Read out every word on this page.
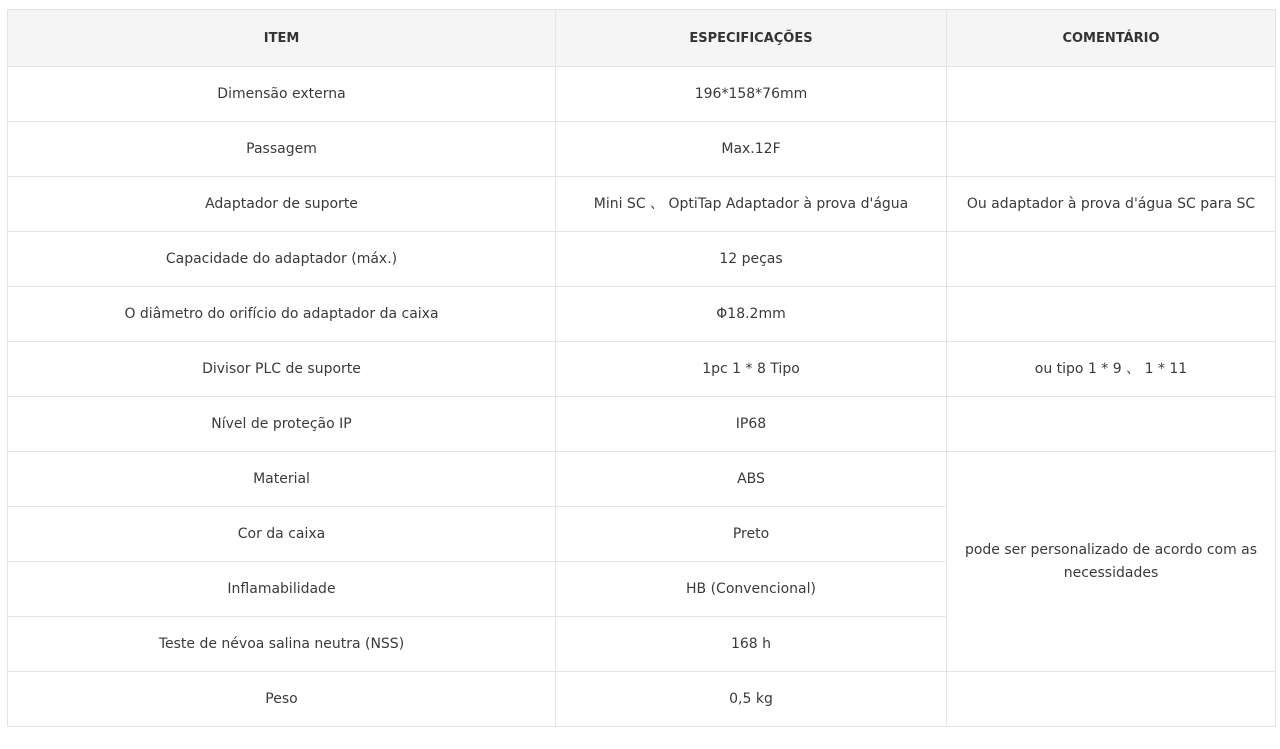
ITEM	ESPECIFICAÇÕES	COMENTÁRIO
Dimensão externa	196*158*76mm	
Passagem	Max.12F	
Adaptador de suporte	Mini SC 、 OptiTap Adaptador à prova d'água	Ou adaptador à prova d'água SC para SC
Capacidade do adaptador (máx.)	12 peças	
O diâmetro do orifício do adaptador da caixa	Φ18.2mm	
Divisor PLC de suporte	1pc 1 * 8 Tipo	ou tipo 1 * 9 、 1 * 11
Nível de proteção IP	IP68	
Material	ABS	pode ser personalizado de acordo com as necessidades
Cor da caixa	Preto	
Inflamabilidade	HB (Convencional)	
Teste de névoa salina neutra (NSS)	168 h	
Peso	0,5 kg	
